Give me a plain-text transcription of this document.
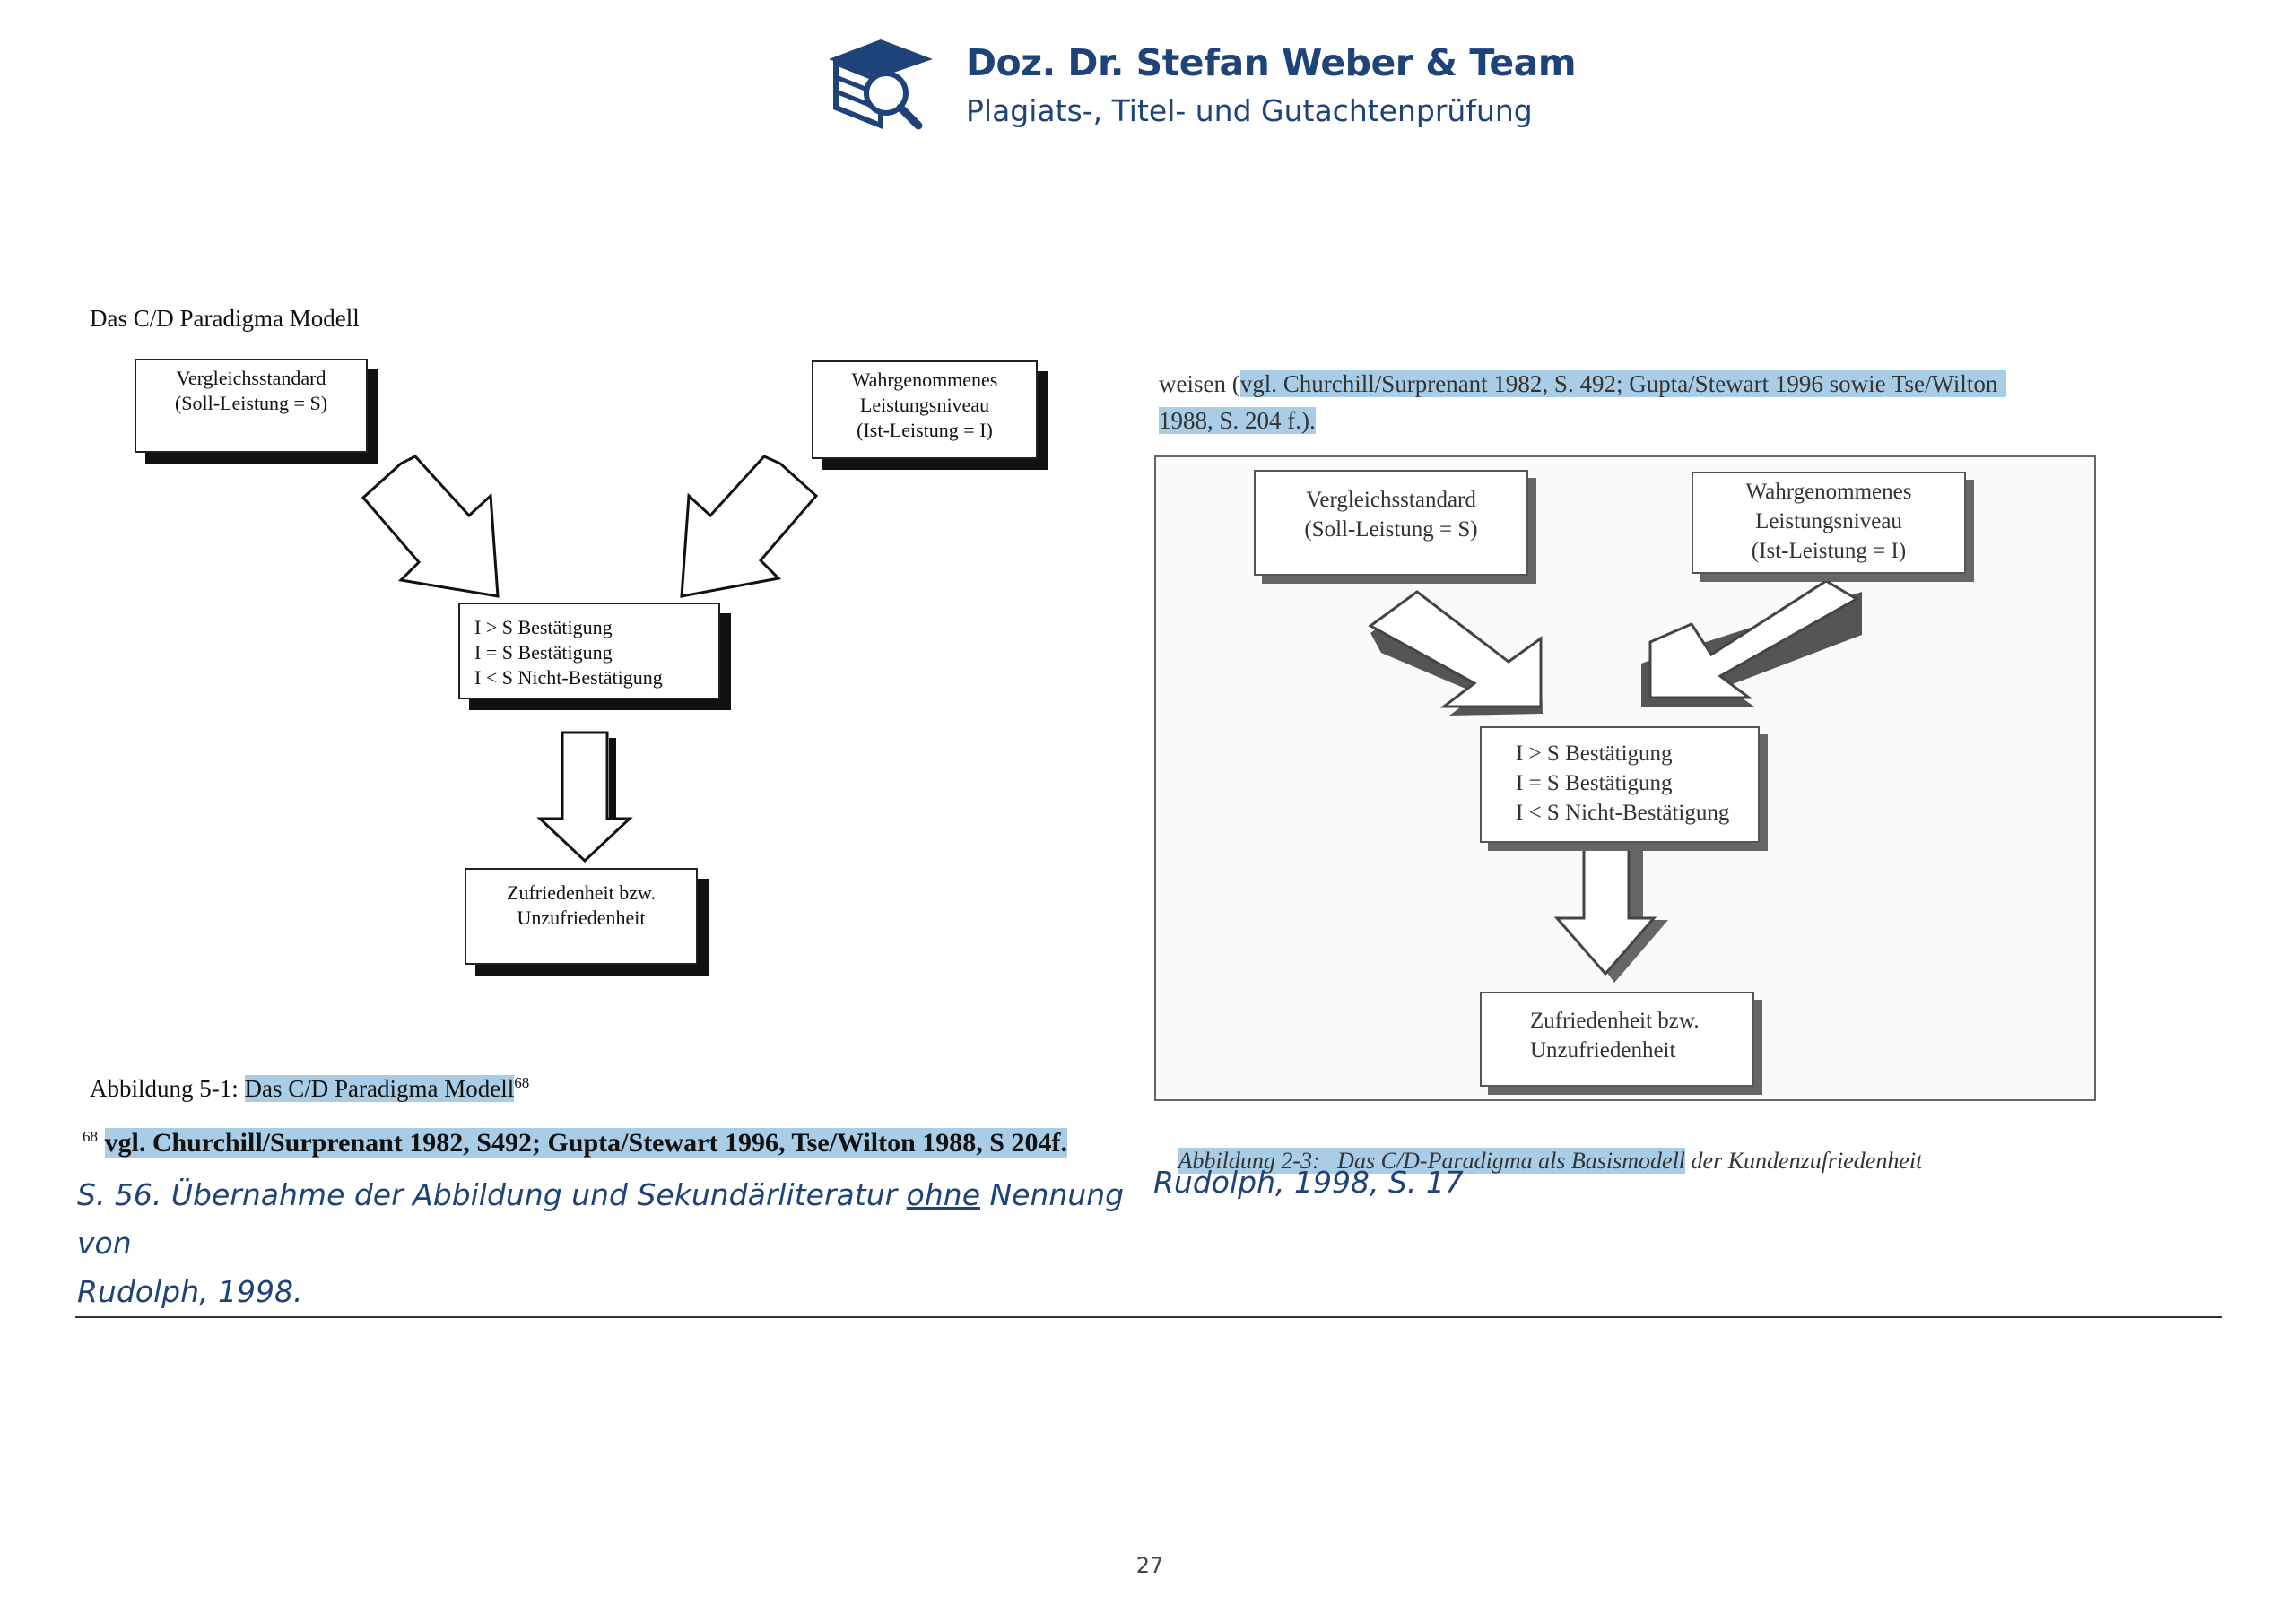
Doz. Dr. Stefan Weber & Team
Plagiats-, Titel- und Gutachtenprüfung
Das C/D Paradigma Modell
Vergleichsstandard
(Soll-Leistung = S)
Wahrgenommenes
Leistungsniveau
(Ist-Leistung = I)
I > S Bestätigung
I = S Bestätigung
I < S Nicht-Bestätigung
Zufriedenheit bzw.
Unzufriedenheit
Abbildung 5-1: Das C/D Paradigma Modell$^{68}$
$^{68}$ vgl. Churchill/Surprenant 1982, S492; Gupta/Stewart 1996, Tse/Wilton 1988, S 204f.
S. 56. Übernahme der Abbildung und Sekundärliteratur ohne Nennung von
Rudolph, 1998.
weisen (vgl. Churchill/Surprenant 1982, S. 492; Gupta/Stewart 1996 sowie Tse/Wilton
1988, S. 204 f.).
Vergleichsstandard
(Soll-Leistung = S)
Wahrgenommenes
Leistungsniveau
(Ist-Leistung = I)
I > S Bestätigung
I = S Bestätigung
I < S Nicht-Bestätigung
Zufriedenheit bzw.
Unzufriedenheit

Abbildung 2-3:   Das C/D-Paradigma als Basismodell der Kundenzufriedenheit

Rudolph, 1998, S. 17
27
